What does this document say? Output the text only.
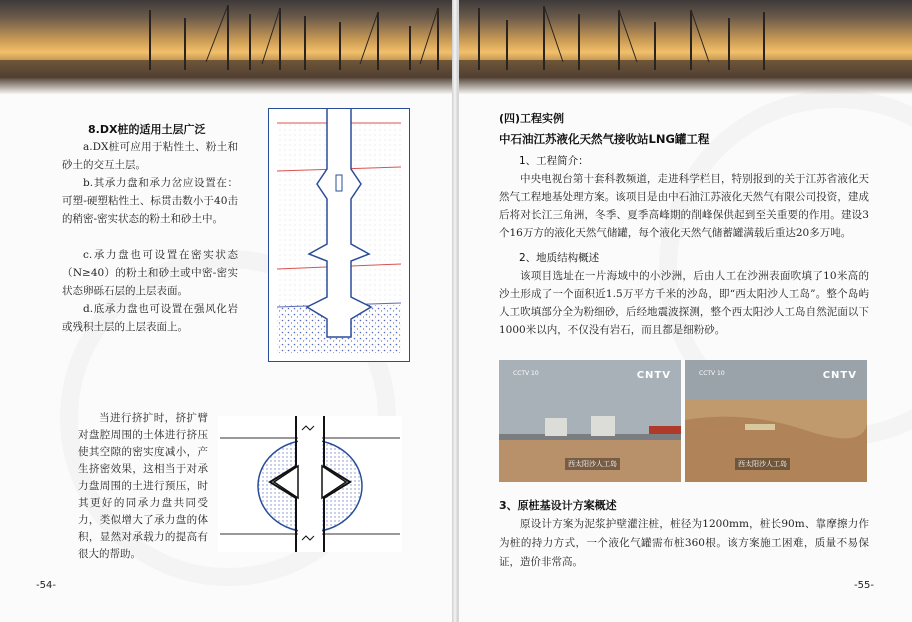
8.DX桩的适用土层广泛

a.DX桩可应用于粘性土、粉土和砂土的交互土层。

b.其承力盘和承力岔应设置在：可塑-硬塑粘性土、标贯击数小于40击的稍密-密实状态的粉土和砂土中。

c.承力盘也可设置在密实状态（N≥40）的粉土和砂土或中密-密实状态卵砾石层的上层表面。

d.底承力盘也可设置在强风化岩或残积土层的上层表面上。

当进行挤扩时，挤扩臂对盘腔周围的土体进行挤压使其空隙的密实度减小，产生挤密效果，这相当于对承力盘周围的土进行预压，时其更好的同承力盘共同受力，类似增大了承力盘的体积，显然对承载力的提高有很大的帮助。

-54-

(四)工程实例

中石油江苏液化天然气接收站LNG罐工程

1、工程简介：

中央电视台第十套科教频道，走进科学栏目，特别报到的关于江苏省液化天然气工程地基处理方案。该项目是由中石油江苏液化天然气有限公司投资，建成后将对长江三角洲，冬季、夏季高峰期的削峰保供起到至关重要的作用。建设3个16万方的液化天然气储罐，每个液化天然气储蓄罐满载后重达20多万吨。

2、地质结构概述

该项目选址在一片海域中的小沙洲，后由人工在沙洲表面吹填了10米高的沙土形成了一个面积近1.5万平方千米的沙岛，即“西太阳沙人工岛”。整个岛屿人工吹填部分全为粉细砂，后经地震波探测，整个西太阳沙人工岛自然泥面以下1000米以内，不仅没有岩石，而且都是细粉砂。

CCTV 10	CNTV
西太阳沙人工岛
CCTV 10	CNTV
西太阳沙人工岛

3、原桩基设计方案概述

原设计方案为泥浆护壁灌注桩，桩径为1200mm，桩长90m、靠摩擦力作为桩的持力方式，一个液化气罐需布桩360根。该方案施工困难，质量不易保证，造价非常高。

-55-
